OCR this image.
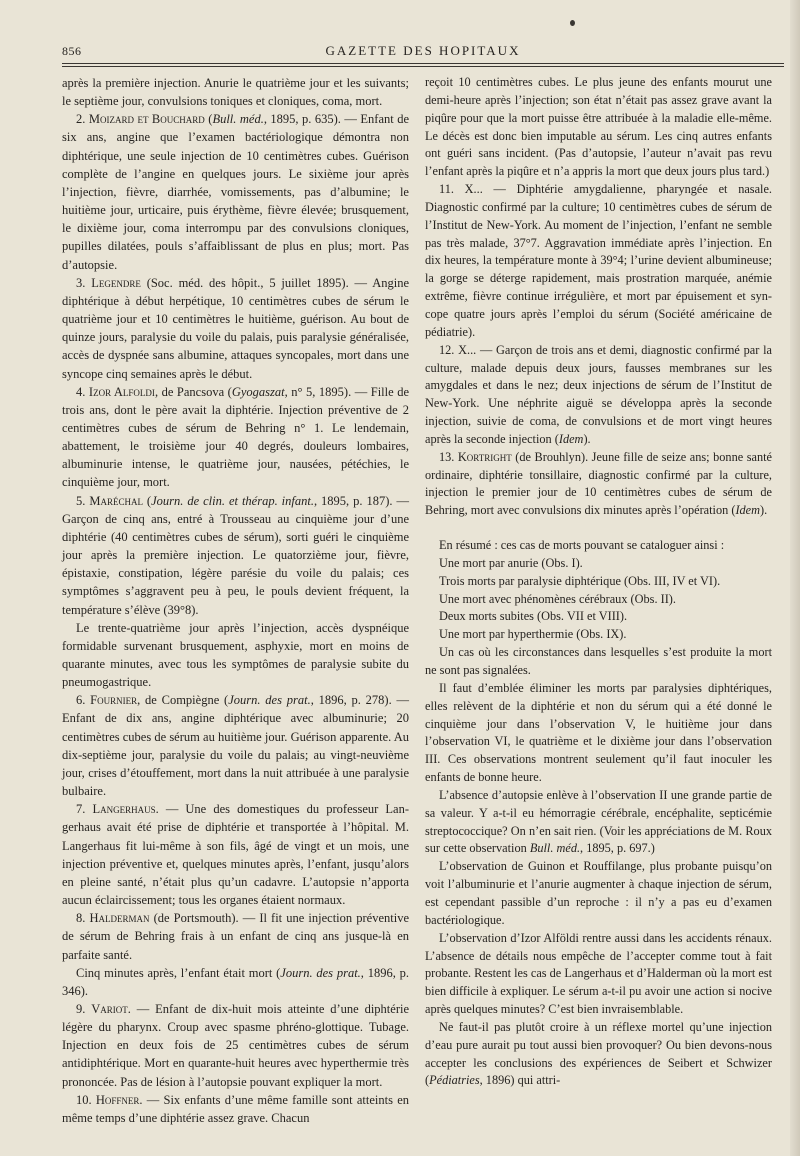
856	GAZETTE DES HOPITAUX

après la première injection. Anurie le quatrième jour et les suivants; le septième jour, convulsions toniques et cloniques, coma, mort.

2. Moizard et Bouchard (Bull. méd., 1895, p. 635). — Enfant de six ans, angine que l’examen bactériologique démontra non diphtérique, une seule injection de 10 centimètres cubes. Guérison complète de l’angine en quelques jours. Le sixième jour après l’injection, fièvre, diarrhée, vomissements, pas d’albumine; le huitième jour, urticaire, puis érythème, fièvre élevée; brusquement, le dixième jour, coma interrompu par des convulsions cloniques, pupilles dilatées, pouls s’affaiblissant de plus en plus; mort. Pas d’autopsie.

3. Legendre (Soc. méd. des hôpit., 5 juillet 1895). — Angine diphtérique à début herpétique, 10 centimètres cubes de sérum le quatrième jour et 10 centimètres le huitième, guérison. Au bout de quinze jours, paralysie du voile du palais, puis paralysie généralisée, accès de dyspnée sans albumine, attaques syncopales, mort dans une syncope cinq semaines après le début.

4. Izor Alfoldi, de Pancsova (Gyogaszat, n° 5, 1895). — Fille de trois ans, dont le père avait la diphtérie. Injection préventive de 2 centimètres cubes de sérum de Behring n° 1. Le lendemain, abattement, le troisième jour 40 degrés, douleurs lombaires, albuminurie intense, le quatrième jour, nausées, pétéchies, le cinquième jour, mort.

5. Maréchal (Journ. de clin. et thérap. infant., 1895, p. 187). — Garçon de cinq ans, entré à Trousseau au cinquième jour d’une diphtérie (40 centimètres cubes de sérum), sorti guéri le cinquième jour après la première injection. Le quatorzième jour, fièvre, épistaxie, constipation, légère parésie du voile du palais; ces symptômes s’aggravent peu à peu, le pouls devient fréquent, la température s’élève (39°8).

Le trente-quatrième jour après l’injection, accès dyspnéique formidable survenant brusquement, asphyxie, mort en moins de quarante minutes, avec tous les symptômes de paralysie subite du pneumogastrique.

6. Fournier, de Compiègne (Journ. des prat., 1896, p. 278). — Enfant de dix ans, angine diphtérique avec albuminurie; 20 centimètres cubes de sérum au huitième jour. Guérison apparente. Au dix-septième jour, paralysie du voile du palais; au vingt-neuvième jour, crises d’étouffement, mort dans la nuit attribuée à une paralysie bulbaire.

7. Langerhaus. — Une des domestiques du professeur Langerhaus avait été prise de diphtérie et transportée à l’hôpital. M. Langerhaus fit lui-même à son fils, âgé de vingt et un mois, une injection préventive et, quelques minutes après, l’enfant, jusqu’alors en pleine santé, n’était plus qu’un cadavre. L’autopsie n’apporta aucun éclaircissement; tous les organes étaient normaux.

8. Halderman (de Portsmouth). — Il fit une injection préventive de sérum de Behring frais à un enfant de cinq ans jusque-là en parfaite santé.

Cinq minutes après, l’enfant était mort (Journ. des prat., 1896, p. 346).

9. Variot. — Enfant de dix-huit mois atteinte d’une diphtérie légère du pharynx. Croup avec spasme phréno-glottique. Tubage. Injection en deux fois de 25 centimètres cubes de sérum antidiphtérique. Mort en quarante-huit heures avec hyperthermie très prononcée. Pas de lésion à l’autopsie pouvant expliquer la mort.

10. Hoffner. — Six enfants d’une même famille sont atteints en même temps d’une diphtérie assez grave. Chacun

reçoit 10 centimètres cubes. Le plus jeune des enfants mourut une demi-heure après l’injection; son état n’était pas assez grave avant la piqûre pour que la mort puisse être attribuée à la maladie elle-même. Le décès est donc bien imputable au sérum. Les cinq autres enfants ont guéri sans incident. (Pas d’autopsie, l’auteur n’avait pas revu l’enfant après la piqûre et n’a appris la mort que deux jours plus tard.)

11. X... — Diphtérie amygdalienne, pharyngée et nasale. Diagnostic confirmé par la culture; 10 centimètres cubes de sérum de l’Institut de New-York. Au moment de l’injection, l’enfant ne semble pas très malade, 37°7. Aggravation immédiate après l’injection. En dix heures, la température monte à 39°4; l’urine devient albumineuse; la gorge se déterge rapidement, mais prostration marquée, anémie extrême, fièvre continue irrégulière, et mort par épuisement et syncope quatre jours après l’emploi du sérum (Société américaine de pédiatrie).

12. X... — Garçon de trois ans et demi, diagnostic confirmé par la culture, malade depuis deux jours, fausses membranes sur les amygdales et dans le nez; deux injections de sérum de l’Institut de New-York. Une néphrite aiguë se développa après la seconde injection, suivie de coma, de convulsions et de mort vingt heures après la seconde injection (Idem).

13. Kortright (de Brouhlyn). Jeune fille de seize ans; bonne santé ordinaire, diphtérie tonsillaire, diagnostic confirmé par la culture, injection le premier jour de 10 centimètres cubes de sérum de Behring, mort avec convulsions dix minutes après l’opération (Idem).

En résumé : ces cas de morts pouvant se cataloguer ainsi :

Une mort par anurie (Obs. I).

Trois morts par paralysie diphtérique (Obs. III, IV et VI).

Une mort avec phénomènes cérébraux (Obs. II).

Deux morts subites (Obs. VII et VIII).

Une mort par hyperthermie (Obs. IX).

Un cas où les circonstances dans lesquelles s’est produite la mort ne sont pas signalées.

Il faut d’emblée éliminer les morts par paralysies diphtériques, elles relèvent de la diphtérie et non du sérum qui a été donné le cinquième jour dans l’observation V, le huitième jour dans l’observation VI, le quatrième et le dixième jour dans l’observation III. Ces observations montrent seulement qu’il faut inoculer les enfants de bonne heure.

L’absence d’autopsie enlève à l’observation II une grande partie de sa valeur. Y a-t-il eu hémorragie cérébrale, encéphalite, septicémie streptococcique? On n’en sait rien. (Voir les appréciations de M. Roux sur cette observation Bull. méd., 1895, p. 697.)

L’observation de Guinon et Rouffilange, plus probante puisqu’on voit l’albuminurie et l’anurie augmenter à chaque injection de sérum, est cependant passible d’un reproche : il n’y a pas eu d’examen bactériologique.

L’observation d’Izor Alföldi rentre aussi dans les accidents rénaux. L’absence de détails nous empêche de l’accepter comme tout à fait probante. Restent les cas de Langerhaus et d’Halderman où la mort est bien difficile à expliquer. Le sérum a-t-il pu avoir une action si nocive après quelques minutes? C’est bien invraisemblable.

Ne faut-il pas plutôt croire à un réflexe mortel qu’une injection d’eau pure aurait pu tout aussi bien provoquer? Ou bien devons-nous accepter les conclusions des expériences de Seibert et Schwizer (Pédiatries, 1896) qui attri-
